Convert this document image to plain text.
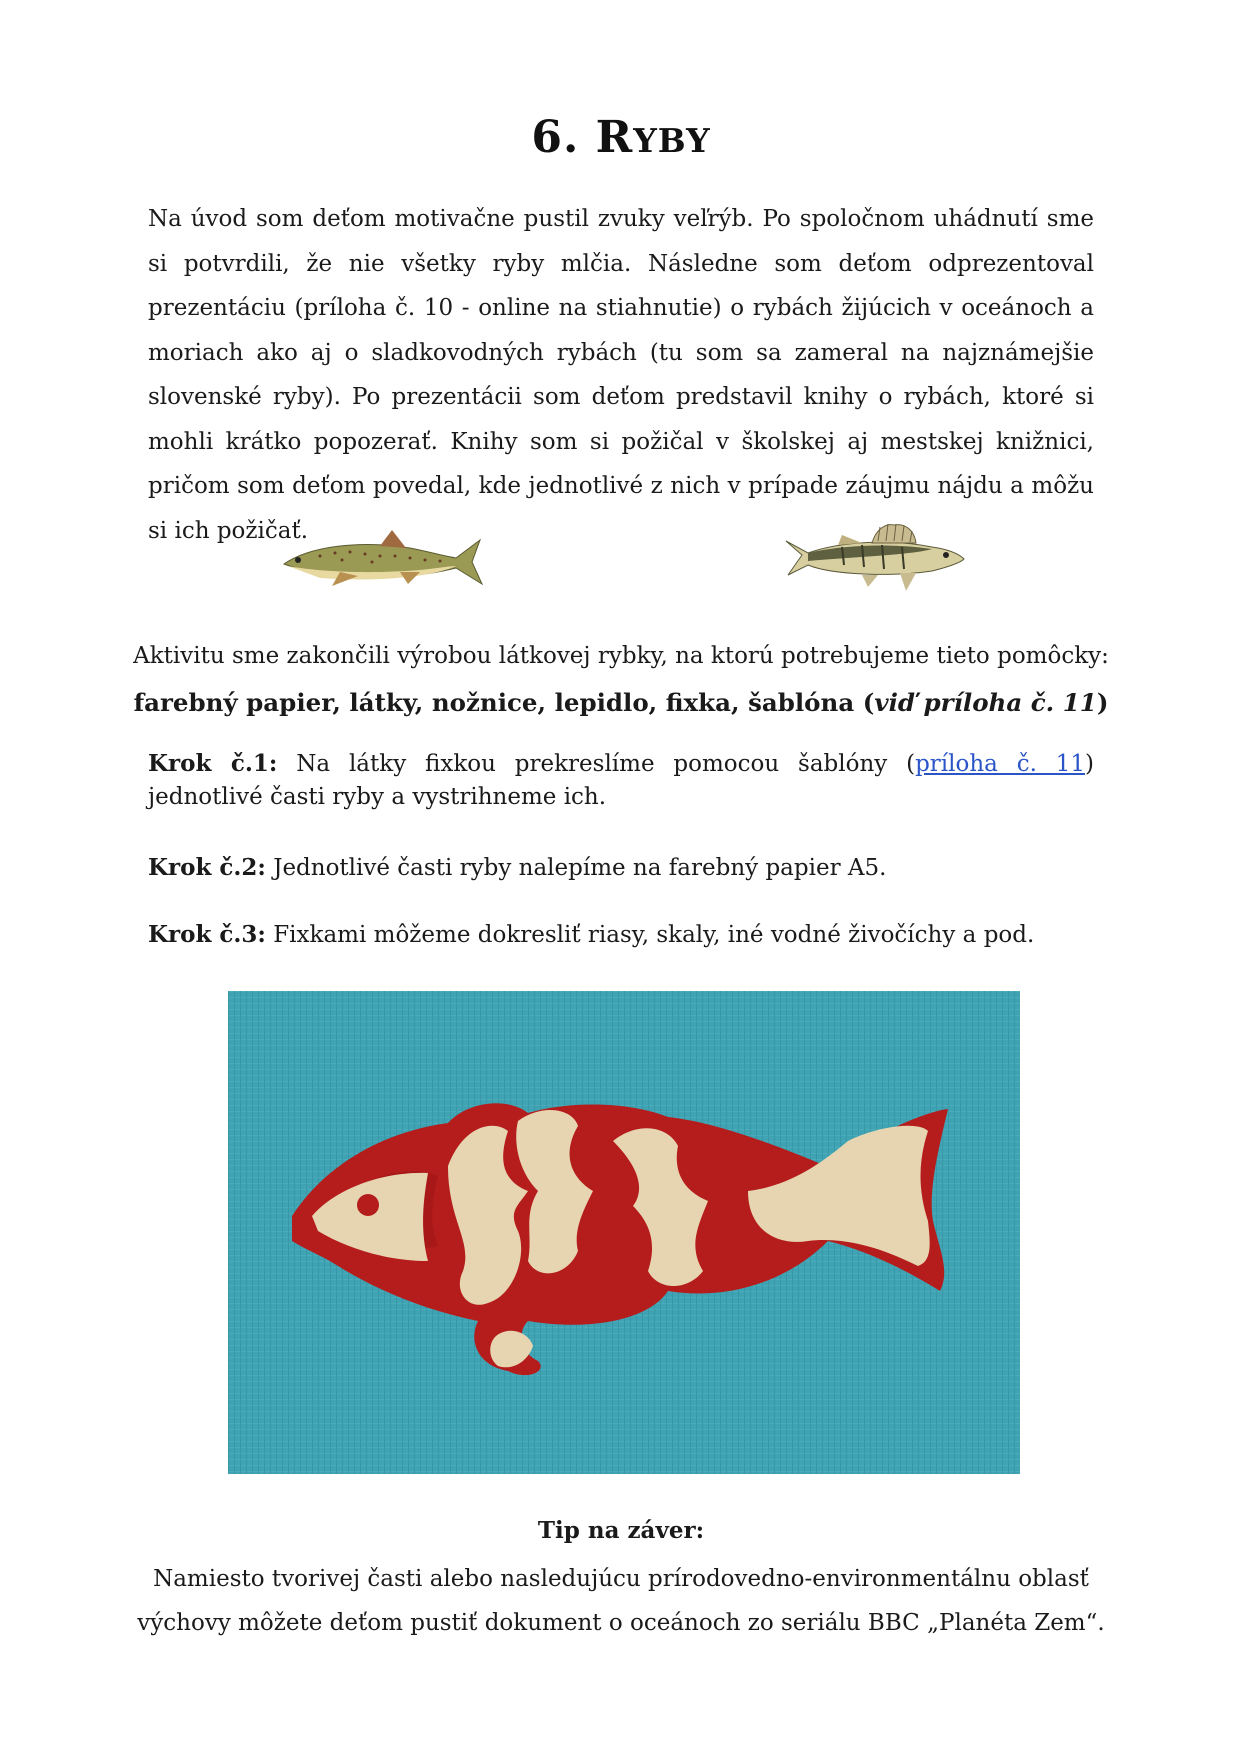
6. RYBY

Na úvod som deťom motivačne pustil zvuky veľrýb. Po spoločnom uhádnutí sme si potvrdili, že nie všetky ryby mlčia. Následne som deťom odprezentoval prezentáciu (príloha č. 10 - online na stiahnutie) o rybách žijúcich v oceánoch a moriach ako aj o sladkovodných rybách (tu som sa zameral na najznámejšie slovenské ryby). Po prezentácii som deťom predstavil knihy o rybách, ktoré si mohli krátko popozerať. Knihy som si požičal v školskej aj mestskej knižnici, pričom som deťom povedal, kde jednotlivé z nich v prípade záujmu nájdu a môžu si ich požičať.

Aktivitu sme zakončili výrobou látkovej rybky, na ktorú potrebujeme tieto pomôcky:
farebný papier, látky, nožnice, lepidlo, fixka, šablóna (viď príloha č. 11)

Krok č.1: Na látky fixkou prekreslíme pomocou šablóny (príloha č. 11) jednotlivé časti ryby a vystrihneme ich.

Krok č.2: Jednotlivé časti ryby nalepíme na farebný papier A5.

Krok č.3: Fixkami môžeme dokresliť riasy, skaly, iné vodné živočíchy a pod.

Tip na záver:
Namiesto tvorivej časti alebo nasledujúcu prírodovedno-environmentálnu oblasť
výchovy môžete deťom pustiť dokument o oceánoch zo seriálu BBC „Planéta Zem“.
